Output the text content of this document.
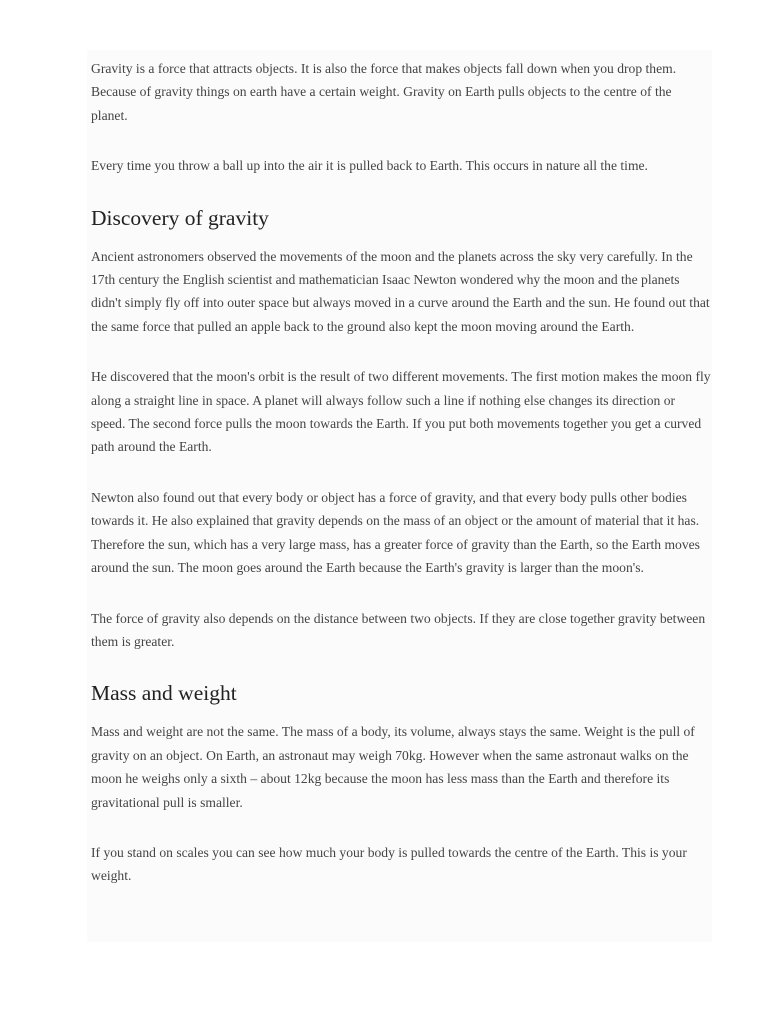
Gravity is a force that attracts objects. It is also the force that makes objects fall down when you drop them. Because of gravity things on earth have a certain weight. Gravity on Earth pulls objects to the centre of the planet.

Every time you throw a ball up into the air it is pulled back to Earth. This occurs in nature all the time.

Discovery of gravity

Ancient astronomers observed the movements of the moon and the planets across the sky very carefully. In the 17th century the English scientist and mathematician Isaac Newton wondered why the moon and the planets didn't simply fly off into outer space but always moved in a curve around the Earth and the sun. He found out that the same force that pulled an apple back to the ground also kept the moon moving around the Earth.

He discovered that the moon's orbit is the result of two different movements. The first motion makes the moon fly along a straight line in space. A planet will always follow such a line if nothing else changes its direction or speed. The second force pulls the moon towards the Earth. If you put both movements together you get a curved path around the Earth.

Newton also found out that every body or object has a force of gravity, and that every body pulls other bodies towards it. He also explained that gravity depends on the mass of an object or the amount of material that it has. Therefore the sun, which has a very large mass, has a greater force of gravity than the Earth, so the Earth moves around the sun. The moon goes around the Earth because the Earth's gravity is larger than the moon's.

The force of gravity also depends on the distance between two objects. If they are close together gravity between them is greater.

Mass and weight

Mass and weight are not the same. The mass of a body, its volume, always stays the same. Weight is the pull of gravity on an object. On Earth, an astronaut may weigh 70kg. However when the same astronaut walks on the moon he weighs only a sixth – about 12kg because the moon has less mass than the Earth and therefore its gravitational pull is smaller.

If you stand on scales you can see how much your body is pulled towards the centre of the Earth. This is your weight.
